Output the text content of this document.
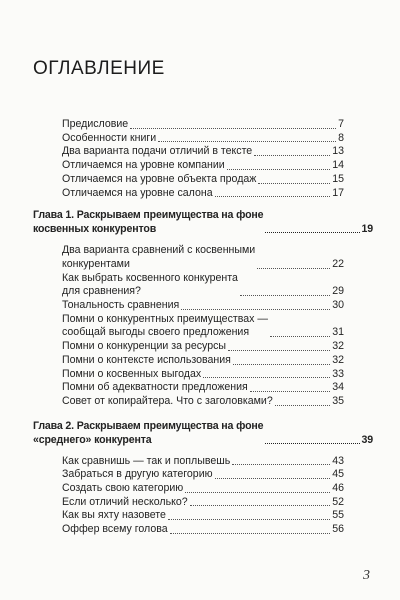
ОГЛАВЛЕНИЕ
Предисловие	7
Особенности книги	8
Два варианта подачи отличий в тексте	13
Отличаемся на уровне компании	14
Отличаемся на уровне объекта продаж	15
Отличаемся на уровне салона	17
Глава 1. Раскрываем преимущества на фоне
косвенных конкурентов	19
Два варианта сравнений с косвенными
конкурентами	22
Как выбрать косвенного конкурента
для сравнения?	29
Тональность сравнения	30
Помни о конкурентных преимуществах —
сообщай выгоды своего предложения	31
Помни о конкуренции за ресурсы	32
Помни о контексте использования	32
Помни о косвенных выгодах	33
Помни об адекватности предложения	34
Совет от копирайтера. Что с заголовками?	35
Глава 2. Раскрываем преимущества на фоне
«среднего» конкурента	39
Как сравнишь — так и поплывешь	43
Забраться в другую категорию	45
Создать свою категорию	46
Если отличий несколько?	52
Как вы яхту назовете	55
Оффер всему голова	56
3
